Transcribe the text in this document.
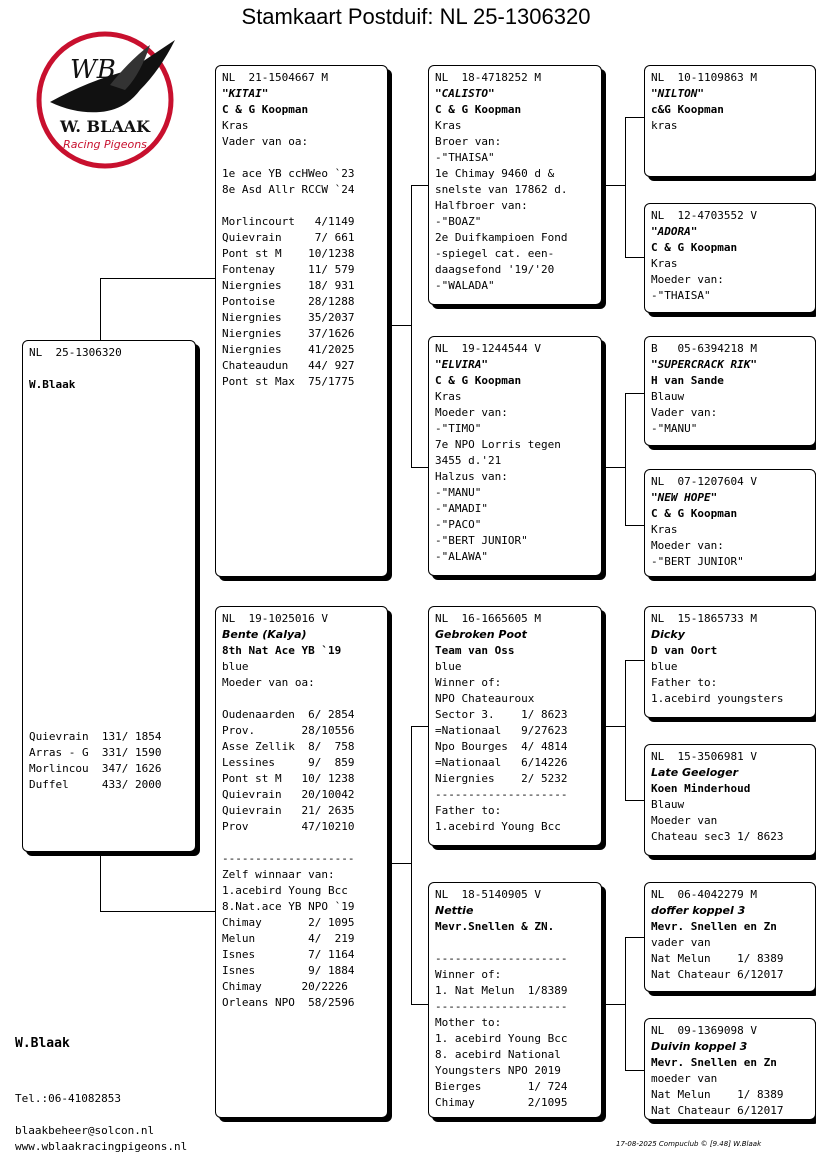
Stamkaart Postduif: NL 25-1306320
WB
W. BLAAK
Racing Pigeons
NL  25-1306320
W.Blaak
Quievrain  131/ 1854
Arras - G  331/ 1590
Morlincou  347/ 1626
Duffel     433/ 2000
NL  21-1504667 M
"KITAI"
C & G Koopman
Kras
Vader van oa:
1e ace YB ccHWeo `23
8e Asd Allr RCCW `24
Morlincourt   4/1149
Quievrain     7/ 661
Pont st M    10/1238
Fontenay     11/ 579
Niergnies    18/ 931
Pontoise     28/1288
Niergnies    35/2037
Niergnies    37/1626
Niergnies    41/2025
Chateaudun   44/ 927
Pont st Max  75/1775
NL  19-1025016 V
Bente (Kalya)
8th Nat Ace YB `19
blue
Moeder van oa:
Oudenaarden  6/ 2854
Prov.       28/10556
Asse Zellik  8/  758
Lessines     9/  859
Pont st M   10/ 1238
Quievrain   20/10042
Quievrain   21/ 2635
Prov        47/10210
--------------------
Zelf winnaar van:
1.acebird Young Bcc
8.Nat.ace YB NPO `19
Chimay       2/ 1095
Melun        4/  219
Isnes        7/ 1164
Isnes        9/ 1884
Chimay      20/2226
Orleans NPO  58/2596
NL  18-4718252 M
"CALISTO"
C & G Koopman
Kras
Broer van:
-"THAISA"
1e Chimay 9460 d &
snelste van 17862 d.
Halfbroer van:
-"BOAZ"
2e Duifkampioen Fond
-spiegel cat. een-
daagsefond '19/'20
-"WALADA"
NL  19-1244544 V
"ELVIRA"
C & G Koopman
Kras
Moeder van:
-"TIMO"
7e NPO Lorris tegen
3455 d.'21
Halzus van:
-"MANU"
-"AMADI"
-"PACO"
-"BERT JUNIOR"
-"ALAWA"
NL  16-1665605 M
Gebroken Poot
Team van Oss
blue
Winner of:
NPO Chateauroux
Sector 3.    1/ 8623
=Nationaal   9/27623
Npo Bourges  4/ 4814
=Nationaal   6/14226
Niergnies    2/ 5232
--------------------
Father to:
1.acebird Young Bcc
NL  18-5140905 V
Nettie
Mevr.Snellen & ZN.
--------------------
Winner of:
1. Nat Melun  1/8389
--------------------
Mother to:
1. acebird Young Bcc
8. acebird National
Youngsters NPO 2019
Bierges       1/ 724
Chimay        2/1095
NL  10-1109863 M
"NILTON"
c&G Koopman
kras
NL  12-4703552 V
"ADORA"
C & G Koopman
Kras
Moeder van:
-"THAISA"
B   05-6394218 M
"SUPERCRACK RIK"
H van Sande
Blauw
Vader van:
-"MANU"
NL  07-1207604 V
"NEW HOPE"
C & G Koopman
Kras
Moeder van:
-"BERT JUNIOR"
NL  15-1865733 M
Dicky
D van Oort
blue
Father to:
1.acebird youngsters
NL  15-3506981 V
Late Geeloger
Koen Minderhoud
Blauw
Moeder van
Chateau sec3 1/ 8623
NL  06-4042279 M
doffer koppel 3
Mevr. Snellen en Zn
vader van
Nat Melun    1/ 8389
Nat Chateaur 6/12017
NL  09-1369098 V
Duivin koppel 3
Mevr. Snellen en Zn
moeder van
Nat Melun    1/ 8389
Nat Chateaur 6/12017
W.Blaak
Tel.:06-41082853
blaakbeheer@solcon.nl
www.wblaakracingpigeons.nl	17-08-2025 Compuclub © [9.48] W.Blaak
